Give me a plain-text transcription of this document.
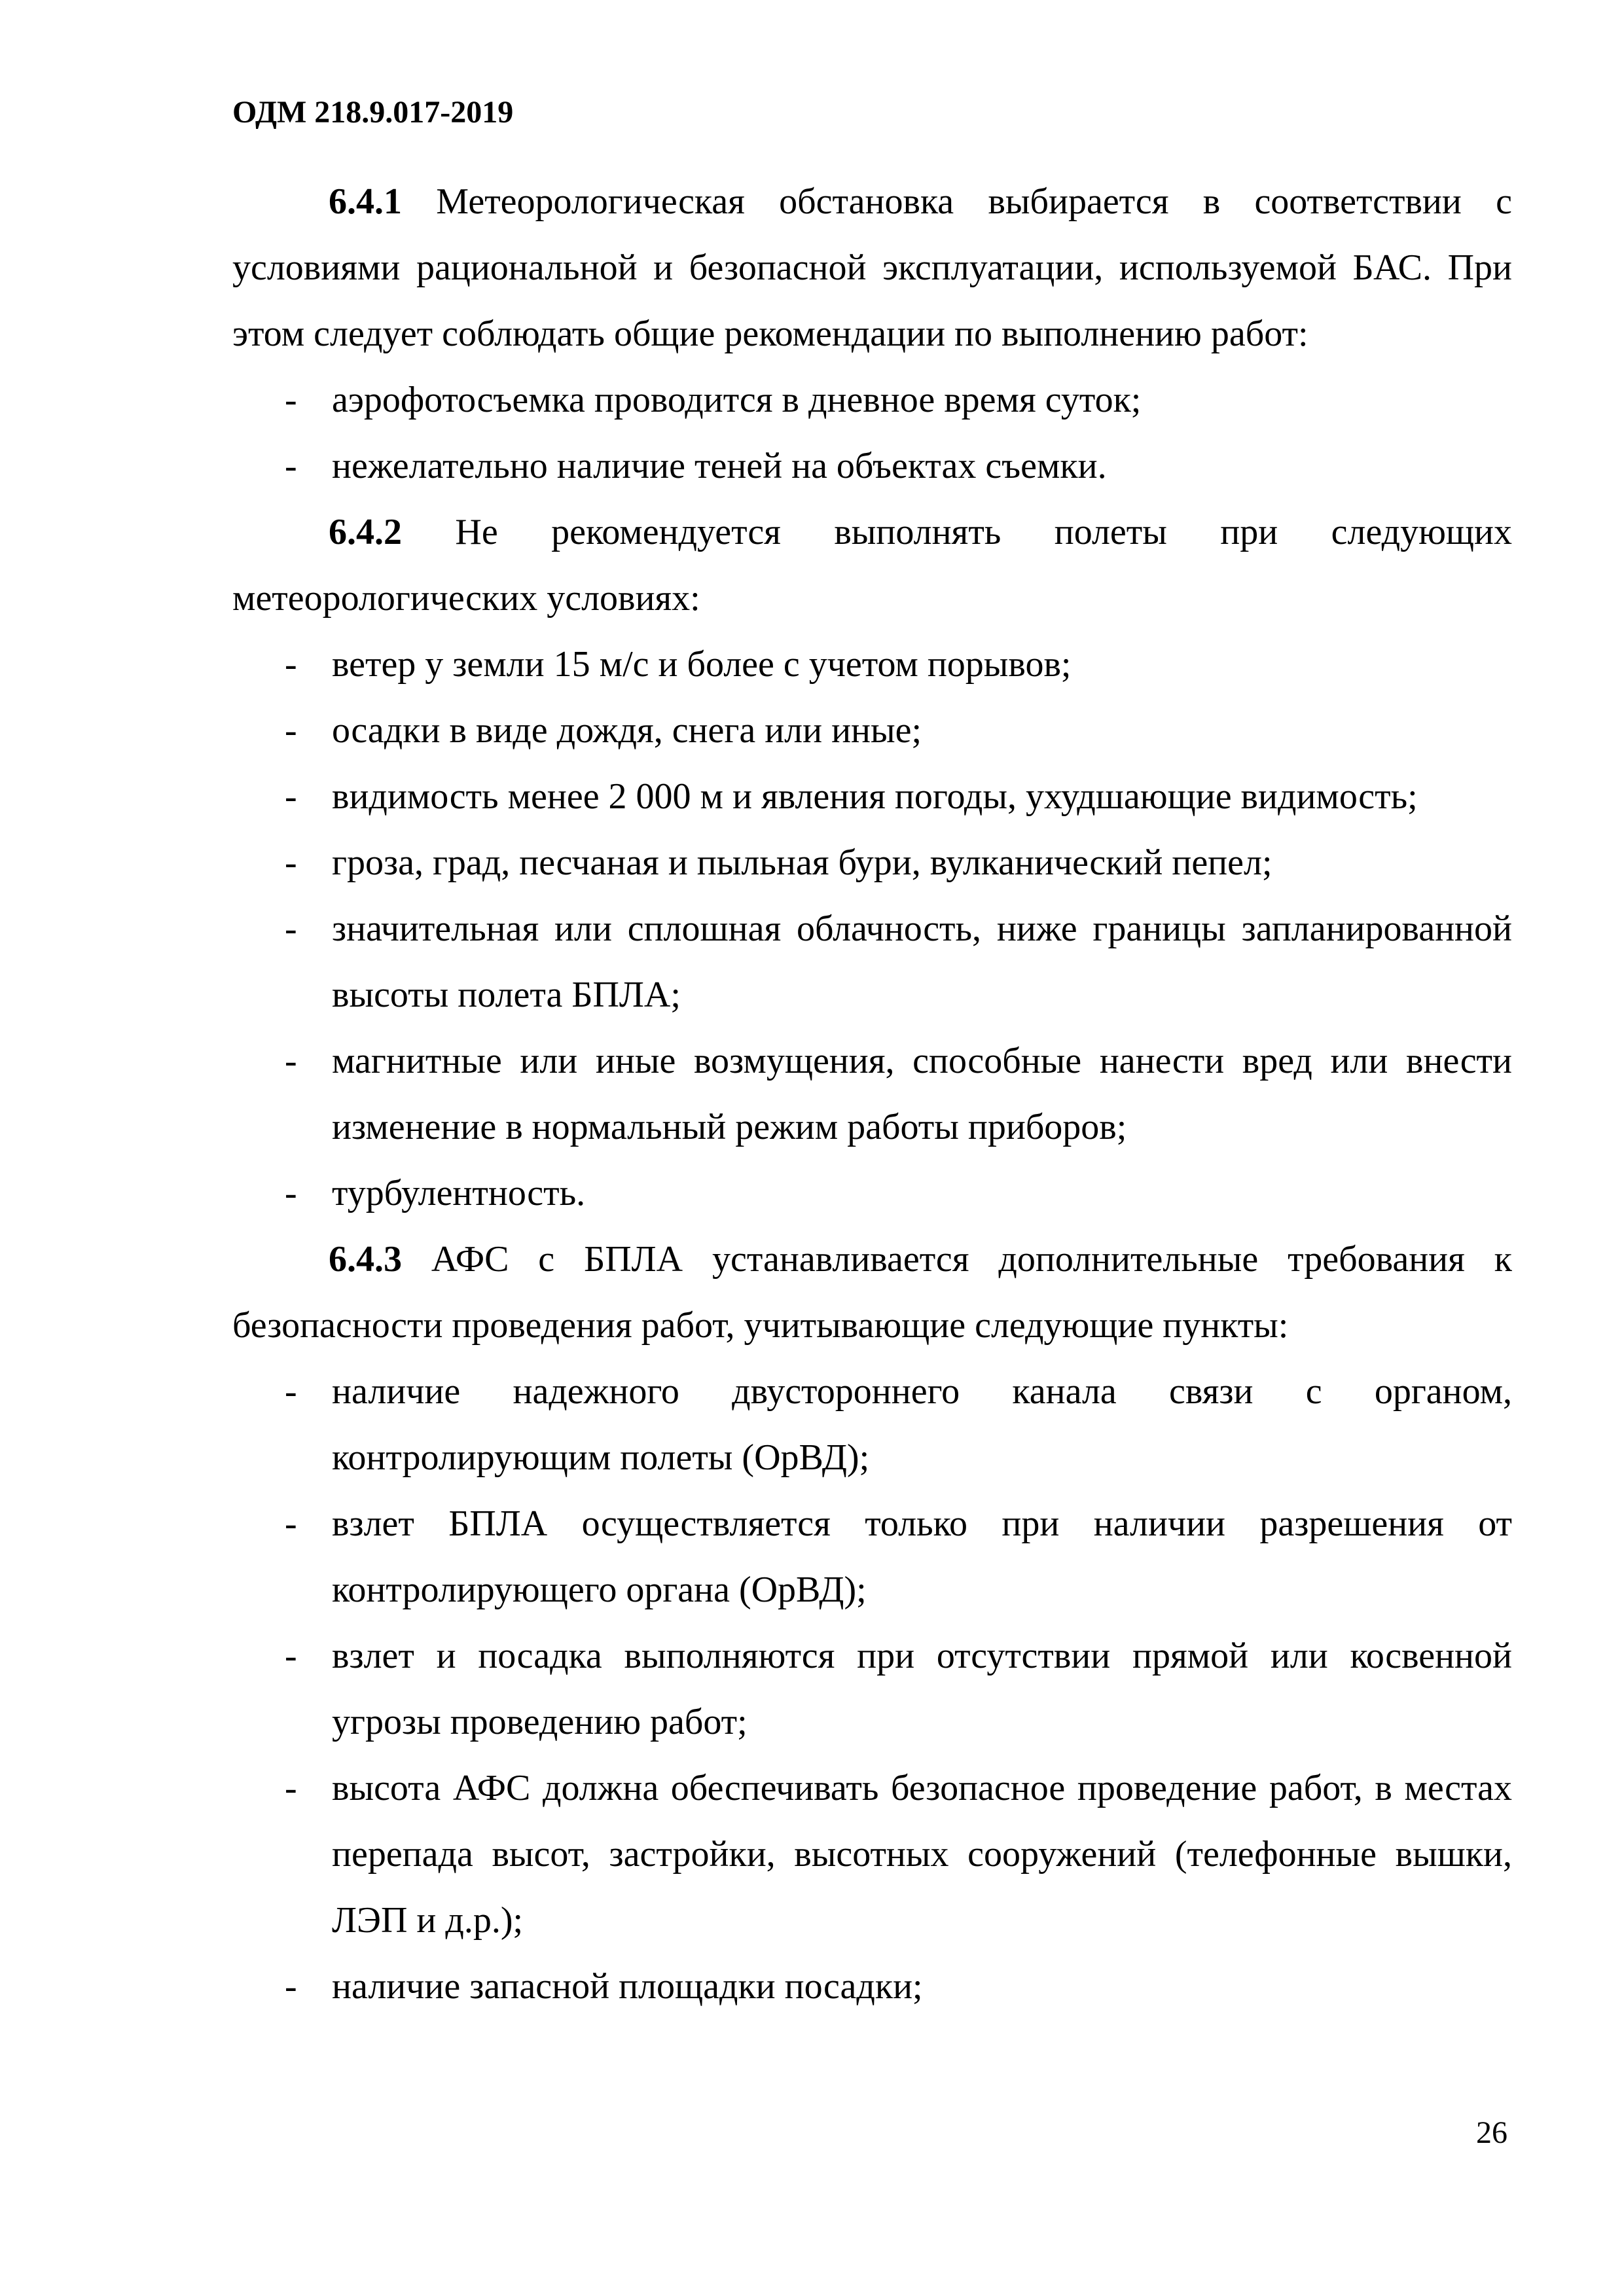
ОДМ 218.9.017-2019

6.4.1 Метеорологическая обстановка выбирается в соответствии с условиями рациональной и безопасной эксплуатации, используемой БАС. При этом следует соблюдать общие рекомендации по выполнению работ:

- аэрофотосъемка проводится в дневное время суток;
- нежелательно наличие теней на объектах съемки.

6.4.2 Не рекомендуется выполнять полеты при следующих метеорологических условиях:

- ветер у земли 15 м/с и более с учетом порывов;
- осадки в виде дождя, снега или иные;
- видимость менее 2 000 м и явления погоды, ухудшающие видимость;
- гроза, град, песчаная и пыльная бури, вулканический пепел;
- значительная или сплошная облачность, ниже границы запланированной высоты полета БПЛА;
- магнитные или иные возмущения, способные нанести вред или внести изменение в нормальный режим работы приборов;
- турбулентность.

6.4.3 АФС с БПЛА устанавливается дополнительные требования к безопасности проведения работ, учитывающие следующие пункты:

- наличие надежного двустороннего канала связи с органом, контролирующим полеты (ОрВД);
- взлет БПЛА осуществляется только при наличии разрешения от контролирующего органа (ОрВД);
- взлет и посадка выполняются при отсутствии прямой или косвенной угрозы проведению работ;
- высота АФС должна обеспечивать безопасное проведение работ, в местах перепада высот, застройки, высотных сооружений (телефонные вышки, ЛЭП и д.р.);
- наличие запасной площадки посадки;
26
